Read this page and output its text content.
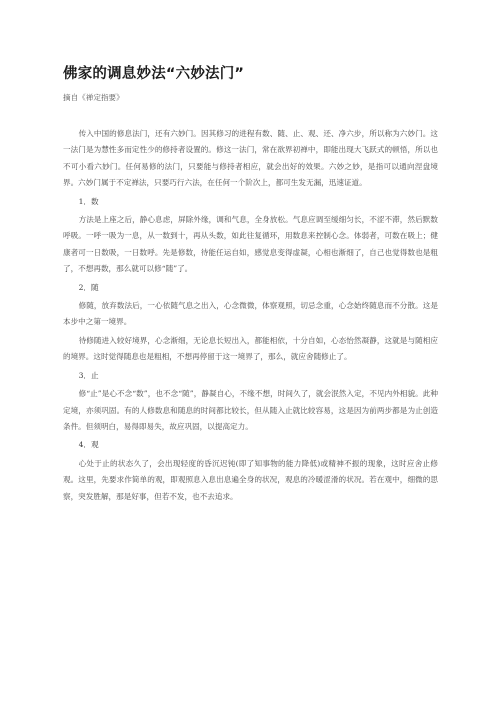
佛家的调息妙法“六妙法门”
摘自《禅定指要》

传入中国的修息法门，还有六妙门。因其修习的进程有数、随、止、观、还、净六步，所以称为六妙门。这一法门是为慧性多而定性少的修持者设置的。修这一法门，常在欲界初禅中，即能出现大飞跃式的顿悟，所以也不可小看六妙门。任何易修的法门，只要能与修持者相应，就会出好的效果。六妙之妙，是指可以通向涅盘境界。六妙门属于不定禅法，只要巧行六法，在任何一个阶次上，都可生发无漏，迅速证道。

1．数

方法是上座之后，静心息虑，屏除外缘，调和气息，全身放松。气息应调至缓细匀长，不涩不滞，然后默数呼吸。一呼一吸为一息，从一数到十，再从头数，如此往复循环，用数息来控制心念。体弱者，可数在吸上；健康者可一日数吸，一日数呼。先是修数，待能任运自如，感觉息变得虚凝，心相也渐细了，自己也觉得数也是粗了，不想再数，那么就可以修“随”了。

2．随

修随，放弃数法后，一心依随气息之出入，心念微微，体察观照，切忌念重，心念始终随息而不分散。这是本步中之第一境界。

待修随进入较好境界，心念渐细，无论息长短出入，都能相依，十分自如，心态怡然凝静，这就是与随相应的境界。这时觉得随息也是粗相，不想再停留于这一境界了，那么，就应舍随修止了。

3．止

修“止”是心不念“数”，也不念“随”，静凝自心，不缘不想，时间久了，就会泯然入定，不见内外相貌。此种定境，亦须巩固。有的人修数息和随息的时间都比较长，但从随入止就比较容易，这是因为前两步都是为止创造条件。但须明白，易得即易失，故应巩固，以提高定力。

4．观

心处于止的状态久了，会出现轻度的昏沉迟钝(即了知事物的能力降低)或精神不振的现象，这时应舍止修观。这里，先要求作简单的观，即观照息入息出息遍全身的状况，观息的冷暖涩滑的状况。若在观中，细微的思察，突发胜解，那是好事，但若不发，也不去追求。
